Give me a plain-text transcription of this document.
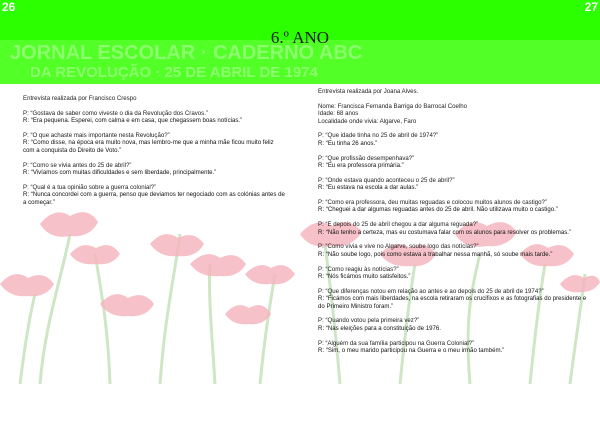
JORNAL ESCOLAR · CADERNO ABC
DA REVOLUÇÃO · 25 DE ABRIL DE 1974
26	27
6.º ANO

Entrevista realizada por Francisco Crespo

P: “Gostava de saber como viveste o dia da Revolução dos Cravos.”

R: “Era pequena. Esperei, com calma e em casa, que chegassem boas notícias.”

P: “O que achaste mais importante nesta Revolução?”

R: “Como disse, na época era muito nova, mas lembro-me que a minha mãe ficou muito feliz com a conquista do Direito de Voto.”

P: “Como se vivia antes do 25 de abril?”

R: “Vivíamos com muitas dificuldades e sem liberdade, principalmente.”

P: “Qual é a tua opinião sobre a guerra colonial?”

R: “Nunca concordei com a guerra, penso que deviamos ter negociado com as colónias antes de a começar.”

Entrevista realizada por Joana Alves.

Nome: Francisca Fernanda Barriga do Barrocal Coelho

Idade: 68 anos

Localidade onde vivia: Algarve, Faro

P: “Que idade tinha no 25 de abril de 1974?”

R: “Eu tinha 26 anos.”

P: “Que profissão desempenhava?”

R: “Eu era professora primária.”

P: “Onde estava quando aconteceu o 25 de abril?”

R: “Eu estava na escola a dar aulas.”

P: “Como era professora, deu muitas reguadas e colocou muitos alunos de castigo?”

R: “Cheguei a dar algumas reguadas antes do 25 de abril. Não utilizava muito o castigo.”

P: “E depois do 25 de abril chegou a dar alguma reguada?”

R: “Não tenho a certeza, mas eu costumava falar com os alunos para resolver os problemas.”

P: “Como vivia e vive no Algarve, soube logo das notícias?”

R: “Não soube logo, pois como estava a trabalhar nessa manhã, só soube mais tarde.”

P: “Como reagiu às notícias?”

R: “Nós ficámos muito satisfeitos.”

P: “Que diferenças notou em relação ao antes e ao depois do 25 de abril de 1974?”

R: “Ficámos com mais liberdades, na escola retiraram os crucifixos e as fotografias do presidente e do Primeiro Ministro foram.”

P: “Quando votou pela primeira vez?”

R: “Nas eleições para a constituição de 1976.

P: “Alguém da sua família participou na Guerra Colonial?”

R: “Sim, o meu marido participou na Guerra e o meu irmão também.”
